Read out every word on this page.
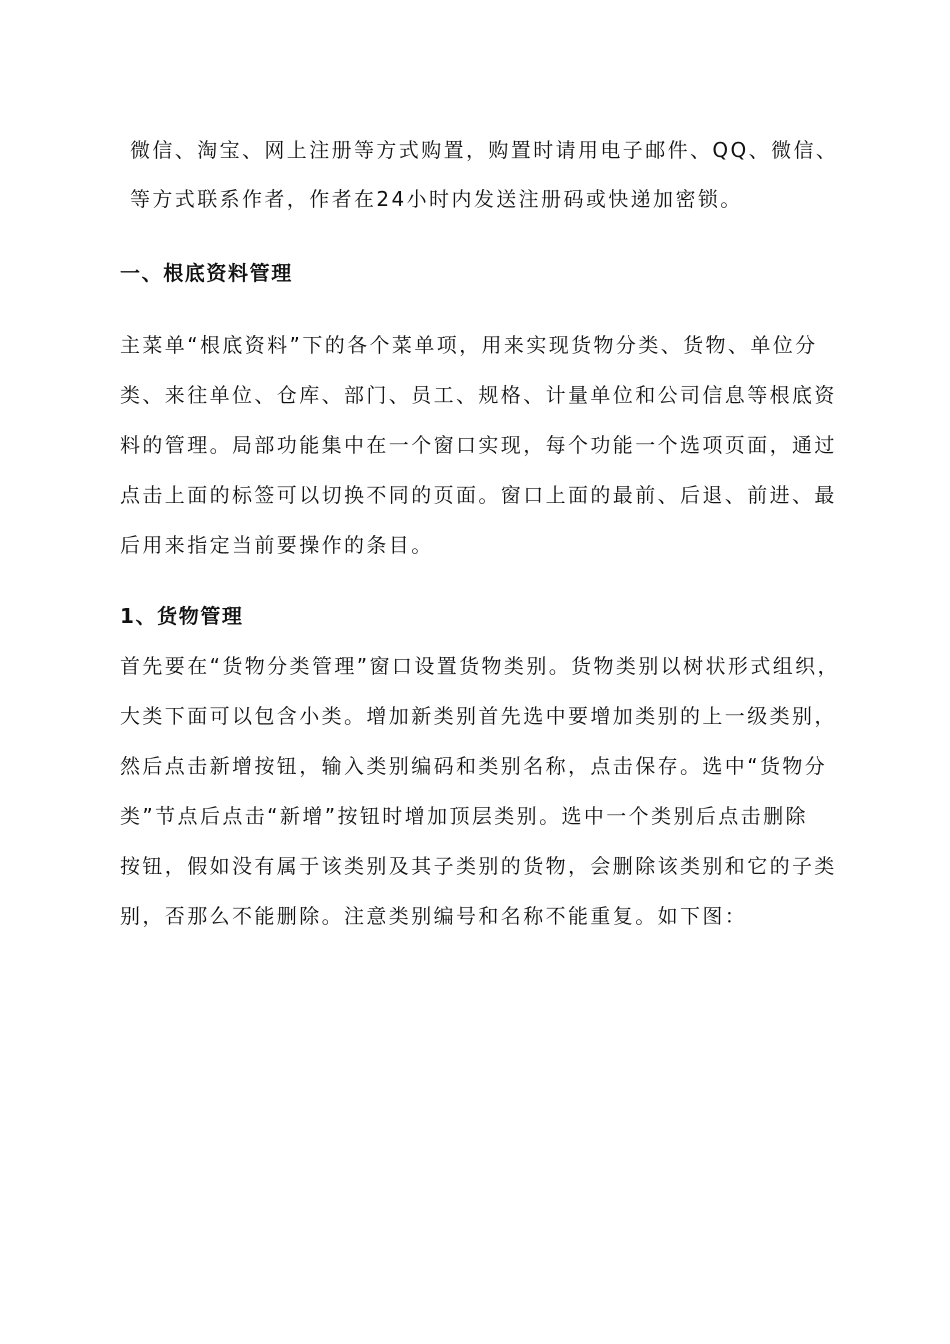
微信、淘宝、网上注册等方式购置，购置时请用电子邮件、QQ、微信、
等方式联系作者，作者在24小时内发送注册码或快递加密锁。
一、根底资料管理
主菜单“根底资料”下的各个菜单项，用来实现货物分类、货物、单位分
类、来往单位、仓库、部门、员工、规格、计量单位和公司信息等根底资
料的管理。局部功能集中在一个窗口实现，每个功能一个选项页面，通过
点击上面的标签可以切换不同的页面。窗口上面的最前、后退、前进、最
后用来指定当前要操作的条目。
1、货物管理
首先要在“货物分类管理”窗口设置货物类别。货物类别以树状形式组织，
大类下面可以包含小类。增加新类别首先选中要增加类别的上一级类别，
然后点击新增按钮，输入类别编码和类别名称，点击保存。选中“货物分
类”节点后点击“新增”按钮时增加顶层类别。选中一个类别后点击删除
按钮，假如没有属于该类别及其子类别的货物，会删除该类别和它的子类
别，否那么不能删除。注意类别编号和名称不能重复。如下图：
